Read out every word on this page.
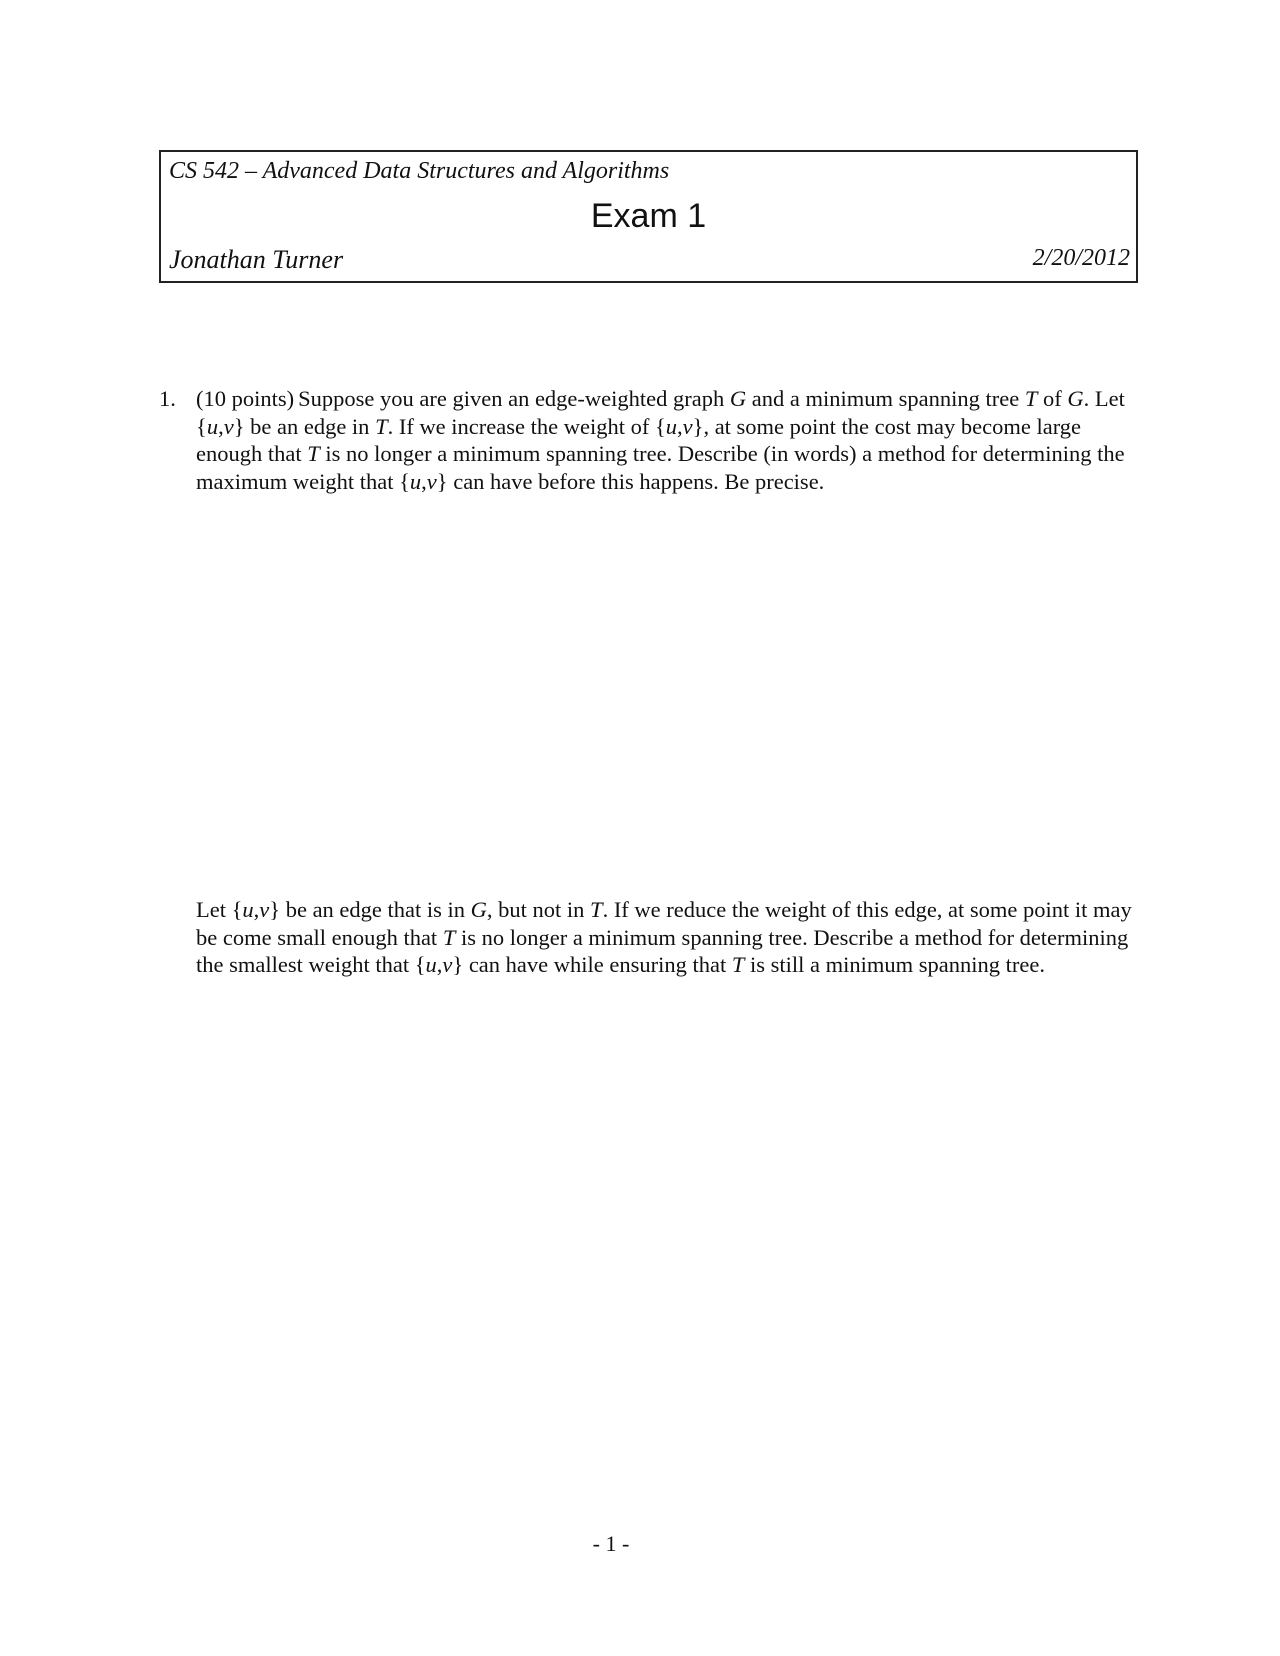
CS 542 – Advanced Data Structures and Algorithms
Exam 1
Jonathan Turner	2/20/2012
1. (10 points) Suppose you are given an edge-weighted graph G and a minimum spanning tree T of G. Let {u,v} be an edge in T. If we increase the weight of {u,v}, at some point the cost may become large enough that T is no longer a minimum spanning tree. Describe (in words) a method for determining the maximum weight that {u,v} can have before this happens. Be precise.
Let {u,v} be an edge that is in G, but not in T. If we reduce the weight of this edge, at some point it may be come small enough that T is no longer a minimum spanning tree. Describe a method for determining the smallest weight that {u,v} can have while ensuring that T is still a minimum spanning tree.
- 1 -
